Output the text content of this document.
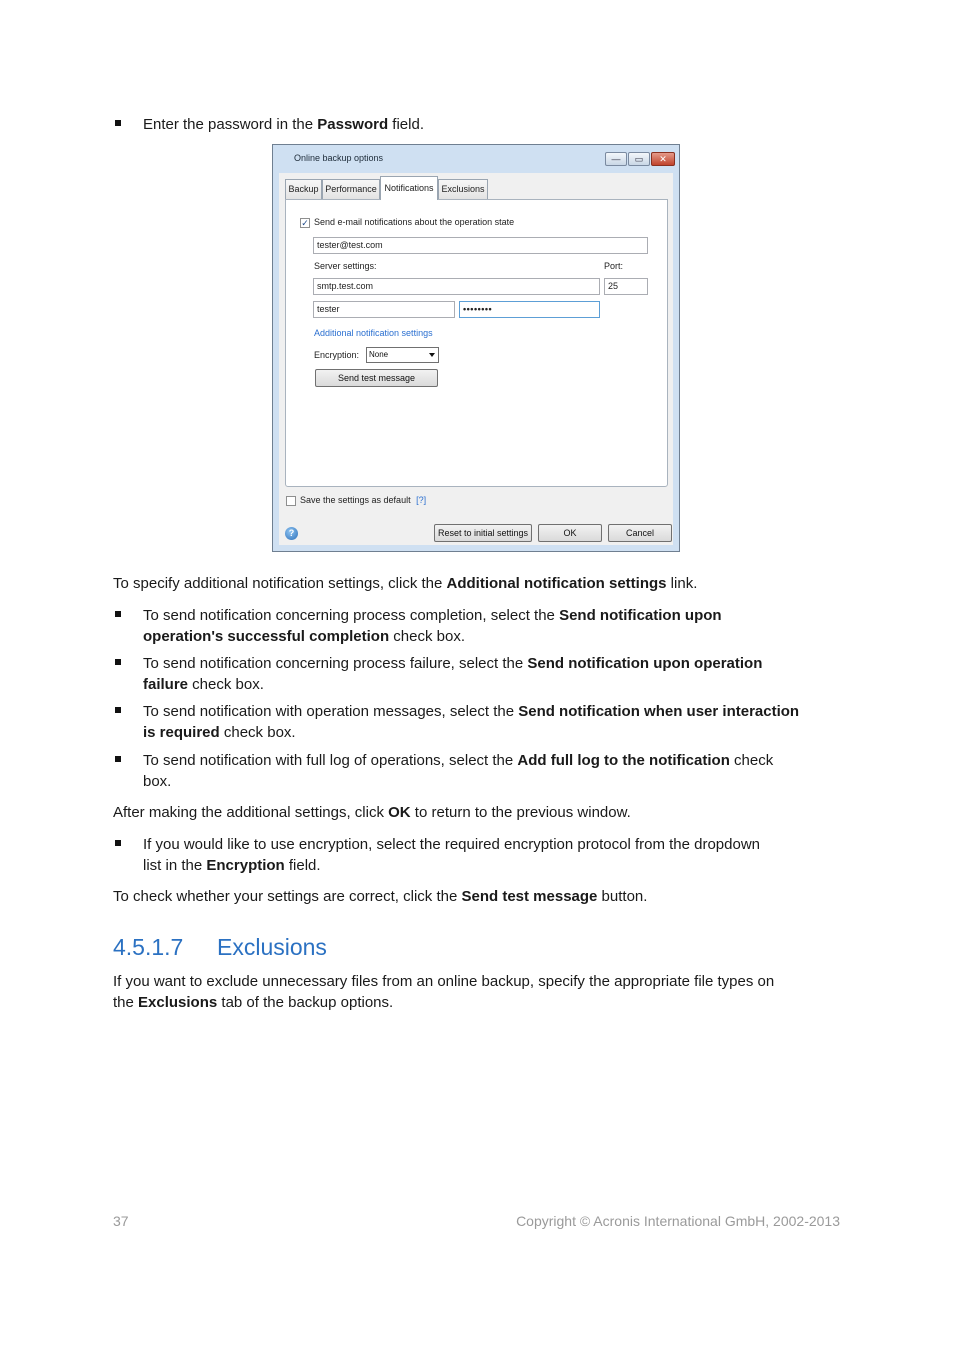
Enter the password in the Password field.
Online backup options	—	▭	✕
Backup Performance Notifications Exclusions
✓ Send e-mail notifications about the operation state
tester@test.com
Server settings:	Port:
smtp.test.com	25
tester	••••••••
Additional notification settings
Encryption:	None
Send test message
Save the settings as default [?]
?	Reset to initial settings	OK	Cancel
To specify additional notification settings, click the Additional notification settings link.
To send notification concerning process completion, select the Send notification upon
operation's successful completion check box.
To send notification concerning process failure, select the Send notification upon operation
failure check box.
To send notification with operation messages, select the Send notification when user interaction
is required check box.
To send notification with full log of operations, select the Add full log to the notification check
box.
After making the additional settings, click OK to return to the previous window.
If you would like to use encryption, select the required encryption protocol from the dropdown
list in the Encryption field.
To check whether your settings are correct, click the Send test message button.
4.5.1.7 Exclusions
If you want to exclude unnecessary files from an online backup, specify the appropriate file types on
the Exclusions tab of the backup options.
37	Copyright © Acronis International GmbH, 2002-2013
